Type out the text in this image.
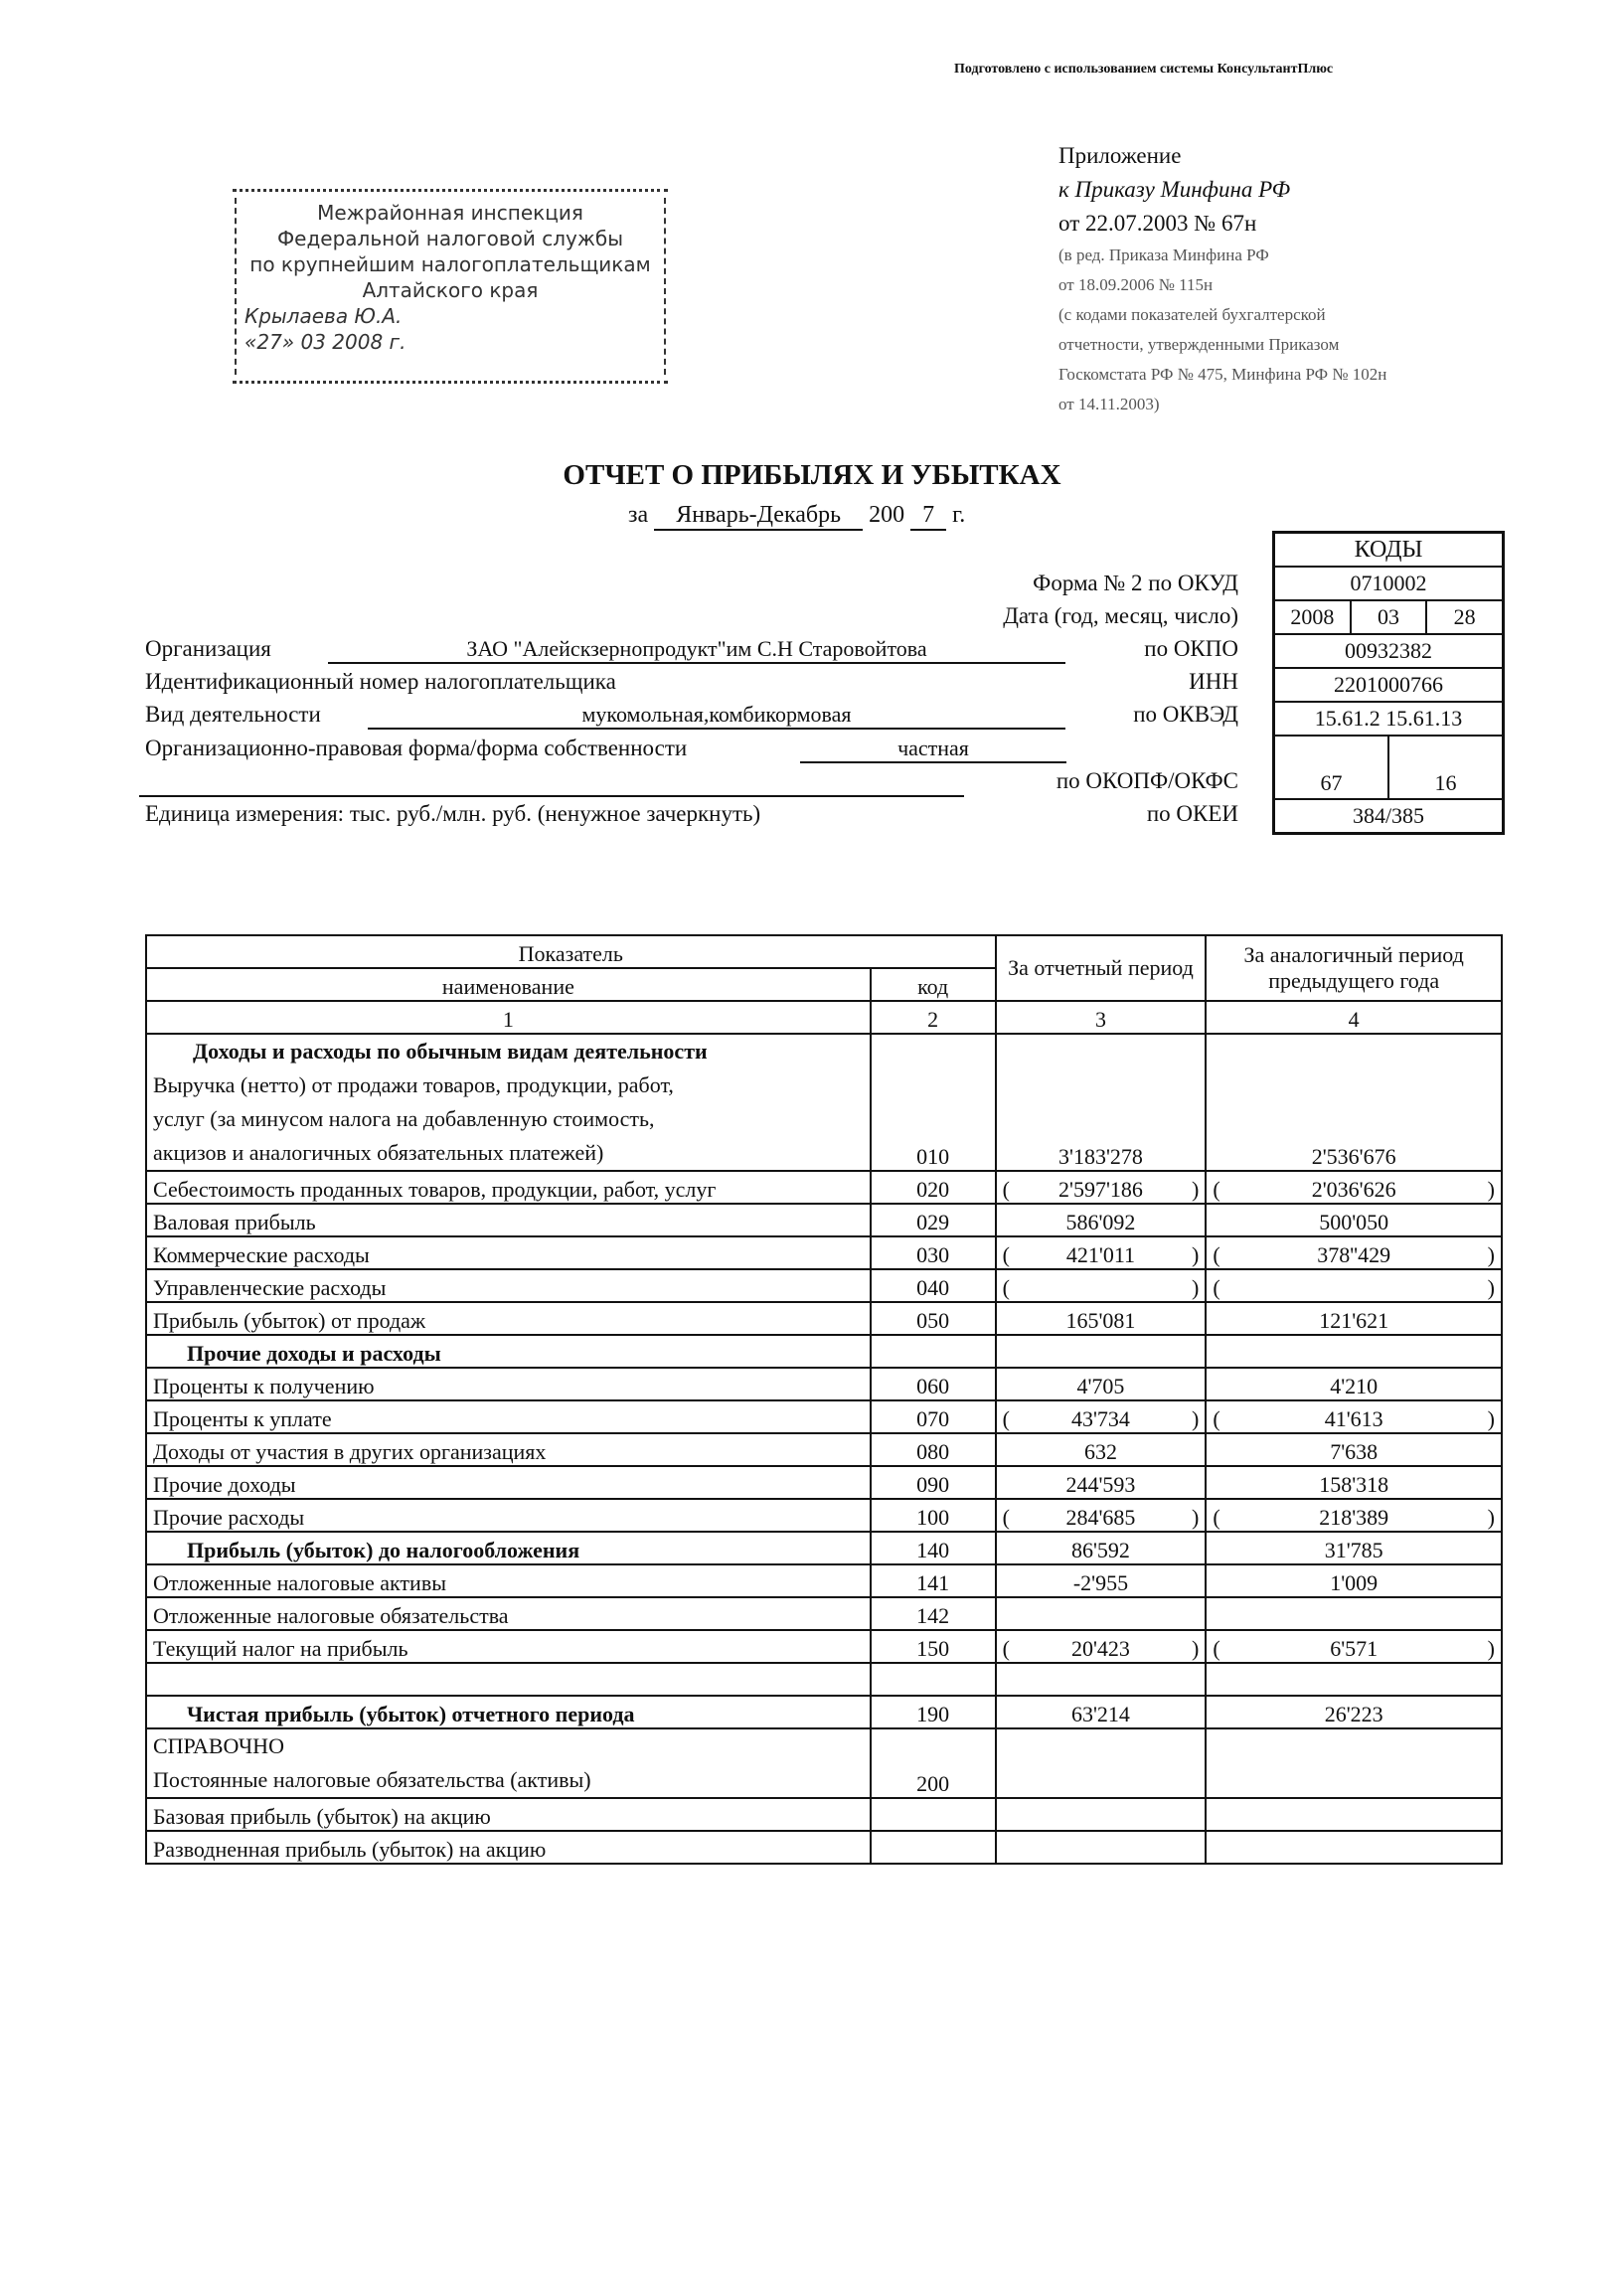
Подготовлено с использованием системы КонсультантПлюс
Приложение
к Приказу Минфина РФ
от 22.07.2003 № 67н
(в ред. Приказа Минфина РФ
от 18.09.2006 № 115н
(с кодами показателей бухгалтерской
отчетности, утвержденными Приказом
Госкомстата РФ № 475, Минфина РФ № 102н
от 14.11.2003)
Межрайонная инспекция
Федеральной налоговой службы
по крупнейшим налогоплательщикам
Алтайского края
Крылаева Ю.А.
«27» 03 2008 г.
ОТЧЕТ О ПРИБЫЛЯХ И УБЫТКАХ
за Январь-Декабрь 200 7 г.
КОДЫ
0710002
2008	03	28
00932382
2201000766
15.61.2 15.61.13
67	16
384/385
Форма № 2 по ОКУД
Дата (год, месяц, число)
по ОКПО
ИНН
по ОКВЭД
по ОКОПФ/ОКФС
по ОКЕИ
Организация	ЗАО "Алейскзернопродукт"им С.Н Старовойтова
Идентификационный номер налогоплательщика
Вид деятельности	мукомольная,комбикормовая
Организационно-правовая форма/форма собственности	частная
Единица измерения: тыс. руб./млн. руб. (ненужное зачеркнуть)
Показатель		За отчетный период	За аналогичный период предыдущего года
наименование	код		
1	2	3	4

Доходы и расходы по обычным видам деятельности
Выручка (нетто) от продажи товаров, продукции, работ,
услуг (за минусом налога на добавленную стоимость,
акцизов и аналогичных обязательных платежей)	010	3'183'278	2'536'676
Себестоимость проданных товаров, продукции, работ, услуг	020	( 2'597'186 )	( 2'036'626 )

Валовая прибыль	029	586'092	500'050
Коммерческие расходы	030	( 421'011 )	( 378''429 )

Управленческие расходы	040	( )	( )

Прибыль (убыток) от продаж	050	165'081	121'621
Прочие доходы и расходы			
Проценты к получению	060	4'705	4'210
Проценты к уплате	070	( 43'734 )	( 41'613 )

Доходы от участия в других организациях	080	632	7'638
Прочие доходы	090	244'593	158'318
Прочие расходы	100	( 284'685 )	( 218'389 )

Прибыль (убыток) до налогообложения	140	86'592	31'785
Отложенные налоговые активы	141	-2'955	1'009
Отложенные налоговые обязательства	142		
Текущий налог на прибыль	150	( 20'423 )	( 6'571 )

Чистая прибыль (убыток) отчетного периода	190	63'214	26'223

СПРАВОЧНО
Постоянные налоговые обязательства (активы)	200		
Базовая прибыль (убыток) на акцию			
Разводненная прибыль (убыток) на акцию			
